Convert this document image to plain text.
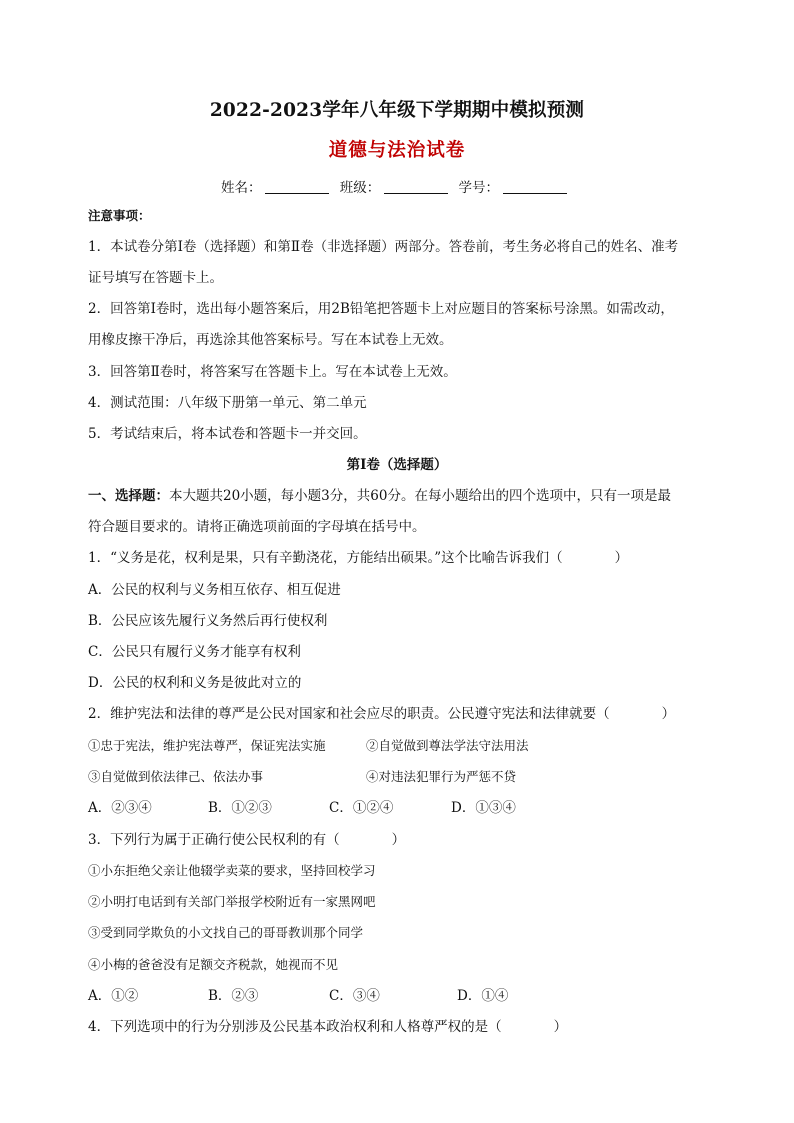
2022-2023学年八年级下学期期中模拟预测
道德与法治试卷
姓名：	班级：	学号：
注意事项：
1．本试卷分第Ⅰ卷（选择题）和第Ⅱ卷（非选择题）两部分。答卷前，考生务必将自己的姓名、准考
证号填写在答题卡上。
2．回答第Ⅰ卷时，选出每小题答案后，用2B铅笔把答题卡上对应题目的答案标号涂黑。如需改动，
用橡皮擦干净后，再选涂其他答案标号。写在本试卷上无效。
3．回答第Ⅱ卷时，将答案写在答题卡上。写在本试卷上无效。
4．测试范围：八年级下册第一单元、第二单元
5．考试结束后，将本试卷和答题卡一并交回。
第Ⅰ卷（选择题）
一、选择题：本大题共20小题，每小题3分，共60分。在每小题给出的四个选项中，只有一项是最
符合题目要求的。请将正确选项前面的字母填在括号中。
1．“义务是花，权利是果，只有辛勤浇花，方能结出硕果。”这个比喻告诉我们（	）
A．公民的权利与义务相互依存、相互促进
B．公民应该先履行义务然后再行使权利
C．公民只有履行义务才能享有权利
D．公民的权利和义务是彼此对立的
2．维护宪法和法律的尊严是公民对国家和社会应尽的职责。公民遵守宪法和法律就要（	）
①忠于宪法，维护宪法尊严，保证宪法实施	②自觉做到尊法学法守法用法
③自觉做到依法律己、依法办事	④对违法犯罪行为严惩不贷
A．②③④	B．①②③	C．①②④	D．①③④
3．下列行为属于正确行使公民权利的有（	）
①小东拒绝父亲让他辍学卖菜的要求，坚持回校学习
②小明打电话到有关部门举报学校附近有一家黑网吧
③受到同学欺负的小文找自己的哥哥教训那个同学
④小梅的爸爸没有足额交齐税款，她视而不见
A．①②	B．②③	C．③④	D．①④
4．下列选项中的行为分别涉及公民基本政治权利和人格尊严权的是（	）
